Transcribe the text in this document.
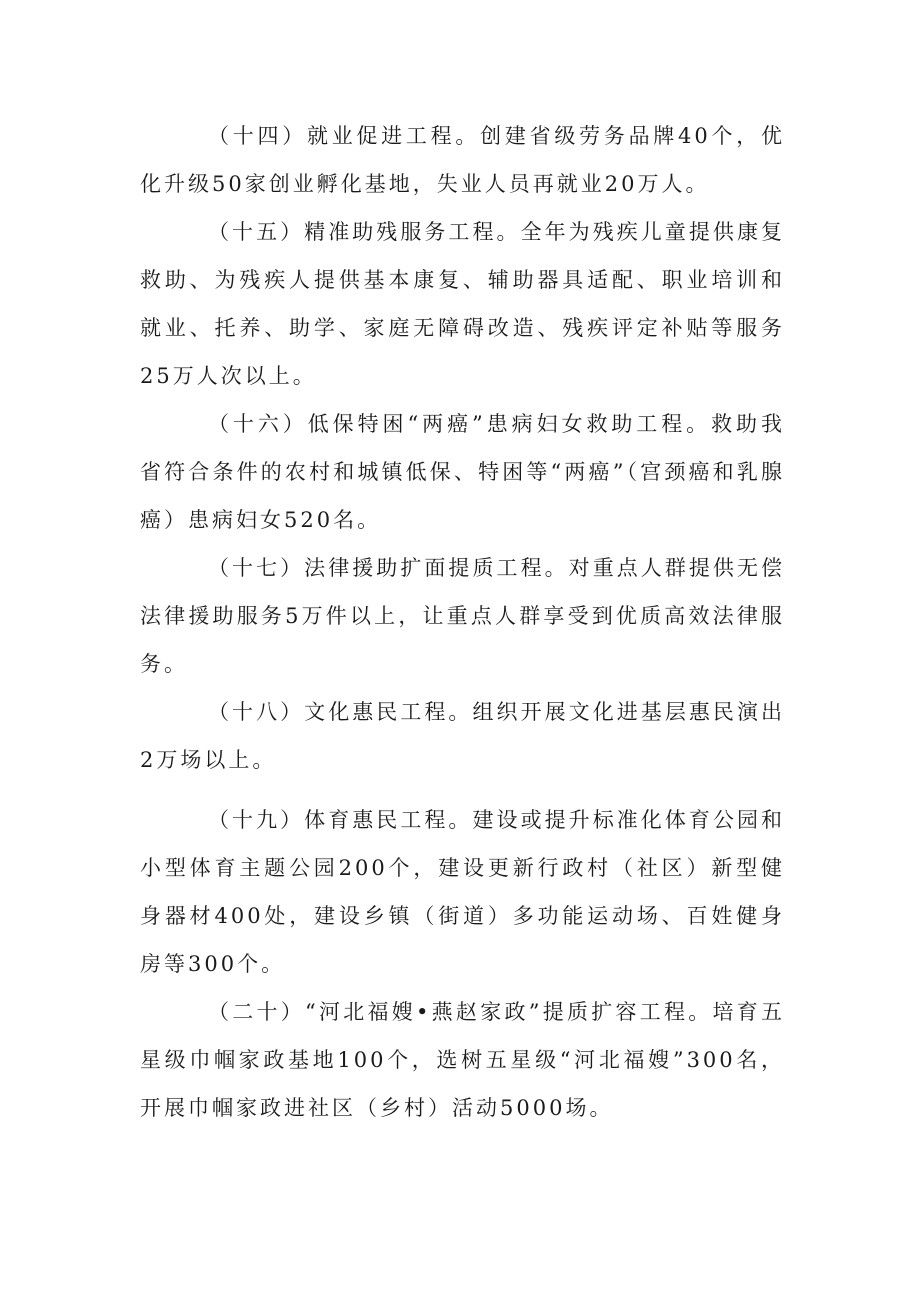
（十四）就业促进工程。创建省级劳务品牌40个，优化升级50家创业孵化基地，失业人员再就业20万人。

（十五）精准助残服务工程。全年为残疾儿童提供康复救助、为残疾人提供基本康复、辅助器具适配、职业培训和就业、托养、助学、家庭无障碍改造、残疾评定补贴等服务25万人次以上。

（十六）低保特困“两癌”患病妇女救助工程。救助我省符合条件的农村和城镇低保、特困等“两癌”（宫颈癌和乳腺癌）患病妇女520名。

（十七）法律援助扩面提质工程。对重点人群提供无偿法律援助服务5万件以上，让重点人群享受到优质高效法律服务。

（十八）文化惠民工程。组织开展文化进基层惠民演出2万场以上。

（十九）体育惠民工程。建设或提升标准化体育公园和小型体育主题公园200个，建设更新行政村（社区）新型健身器材400处，建设乡镇（街道）多功能运动场、百姓健身房等300个。

（二十）“河北福嫂•燕赵家政”提质扩容工程。培育五星级巾帼家政基地100个，选树五星级“河北福嫂”300名，开展巾帼家政进社区（乡村）活动5000场。
